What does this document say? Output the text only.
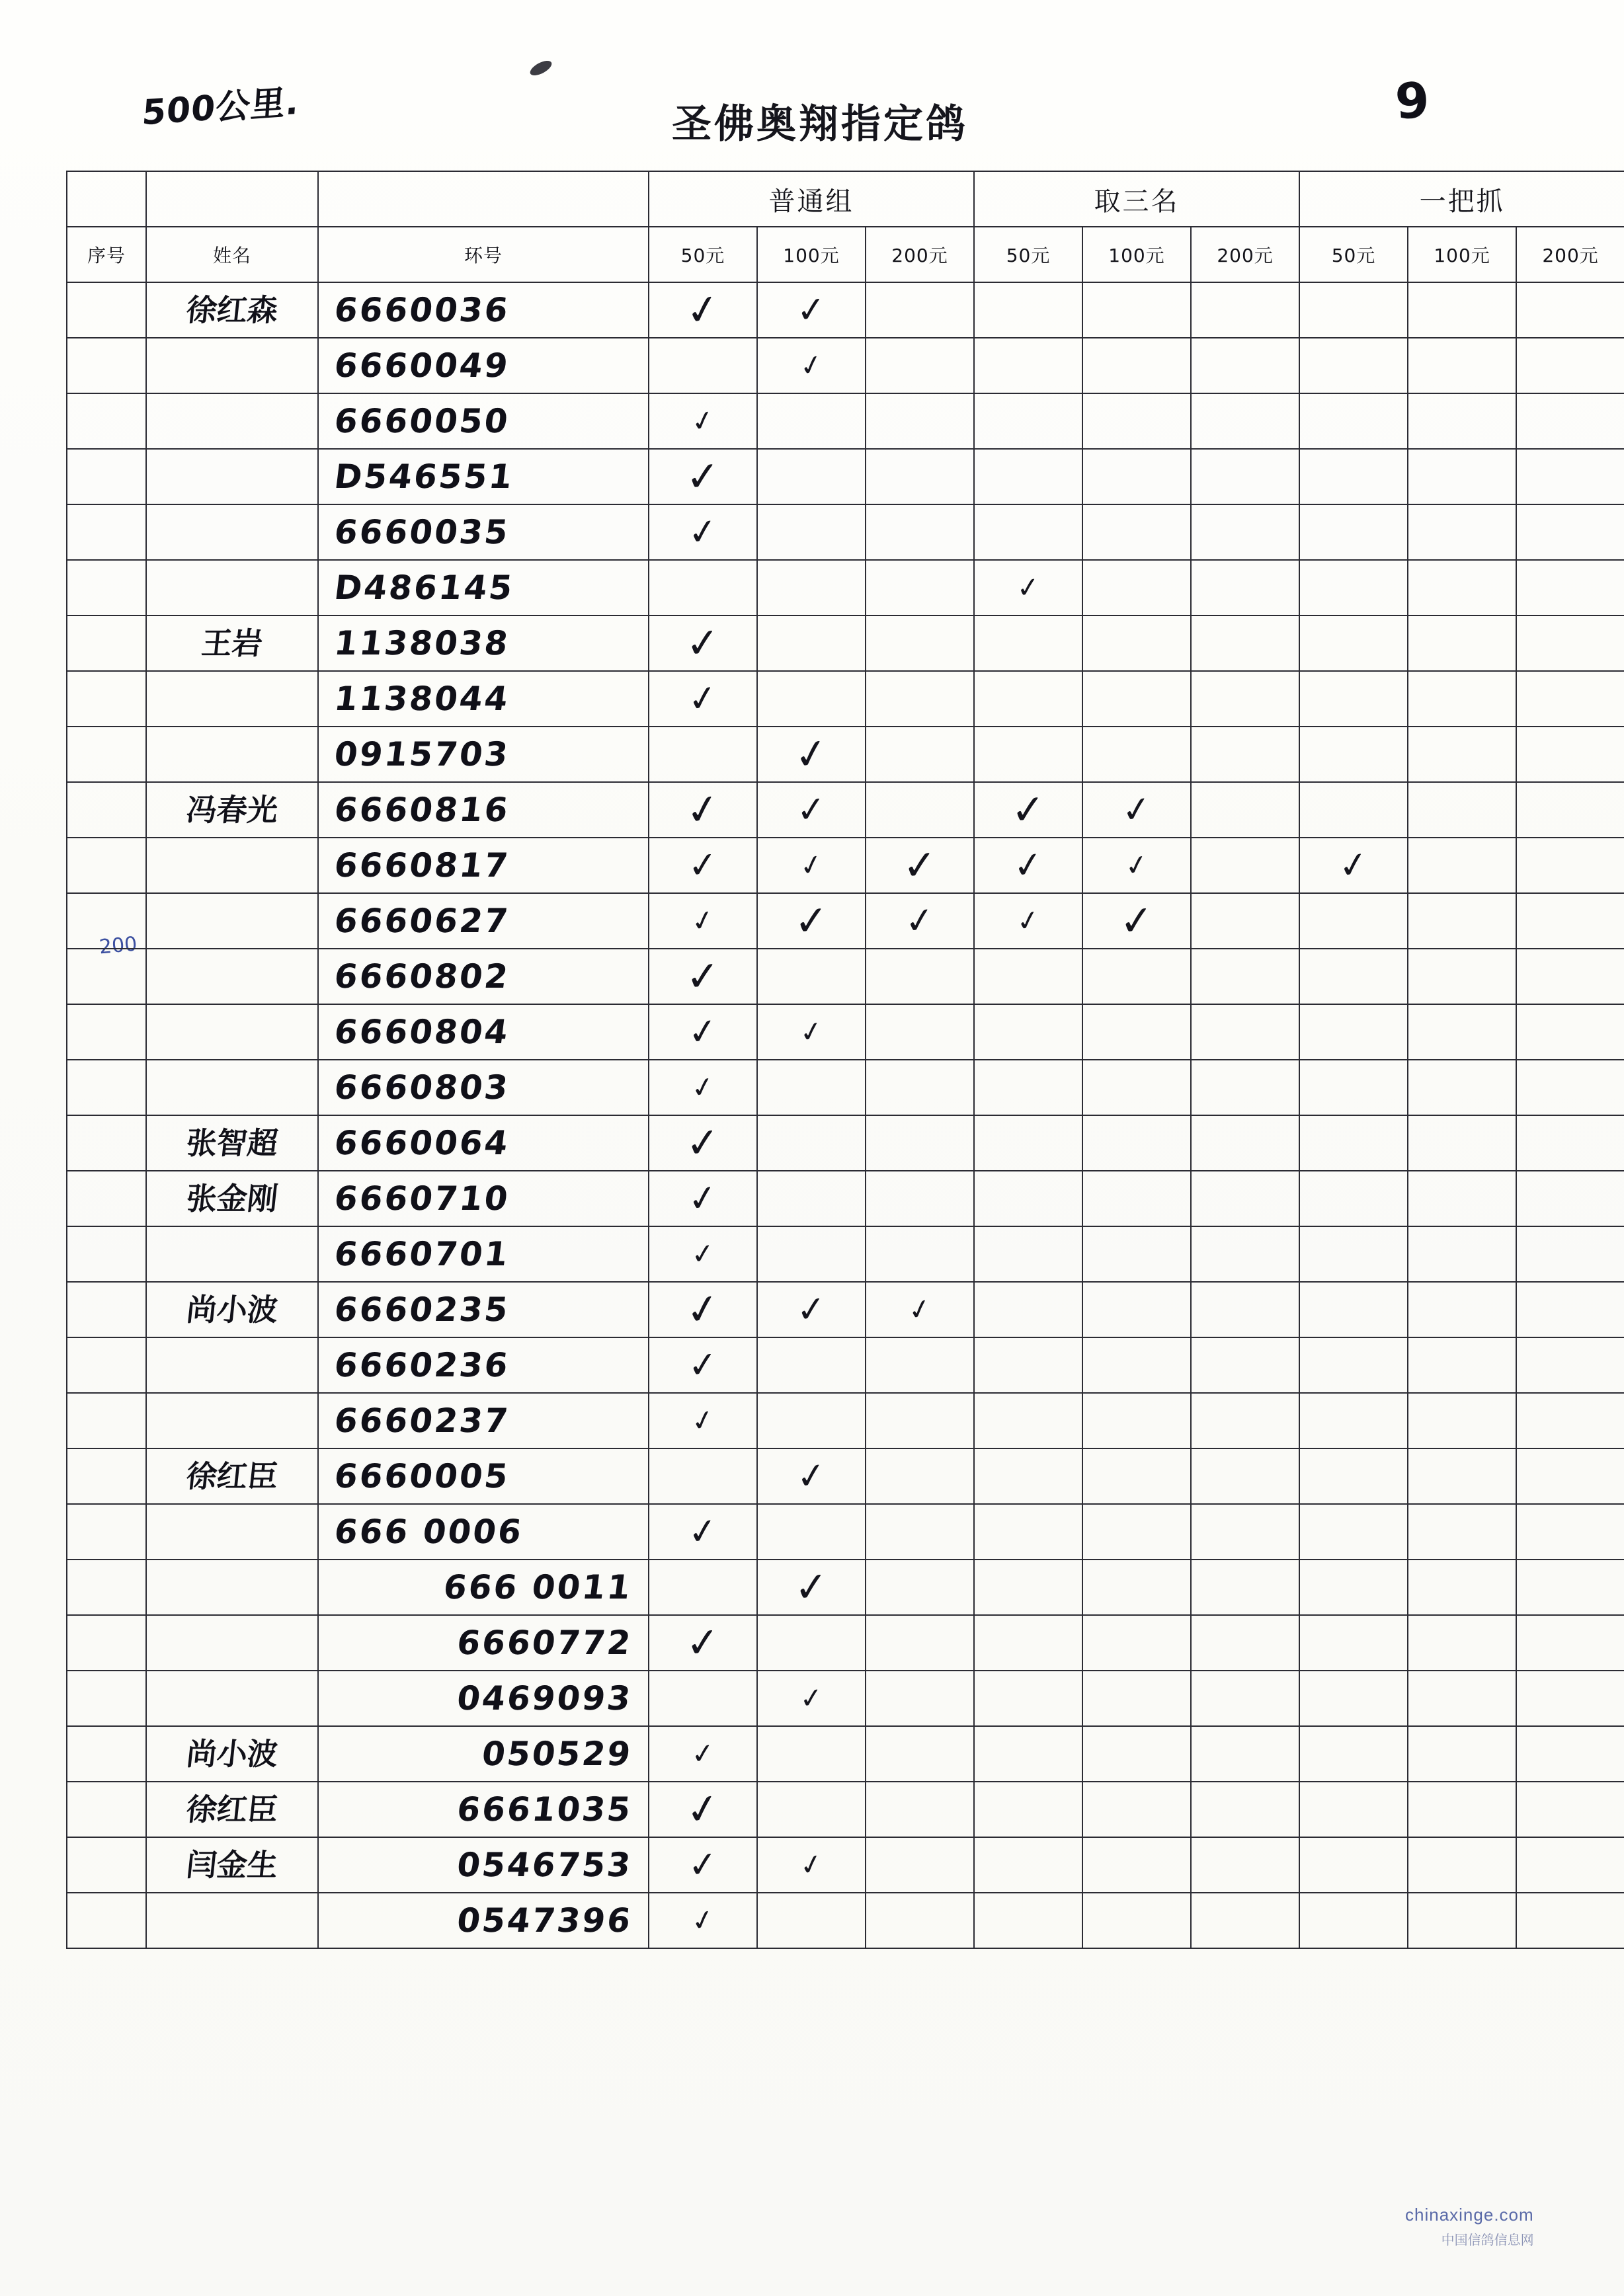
500公里.	圣佛奥翔指定鸽	9
200
			普通组			取三名			一把抓		
序号	姓名	环号	50元	100元	200元	50元	100元	200元	50元	100元	200元

	徐红森	6660036	✓	✓							

		6660049		✓							

		6660050	✓								

		D546551	✓								

		6660035	✓								

		D486145				✓					

	王岩	1138038	✓								

		1138044	✓								

		0915703		✓							

	冯春光	6660816	✓	✓		✓	✓				

		6660817	✓	✓	✓	✓	✓		✓		

		6660627	✓	✓	✓	✓	✓				

		6660802	✓								

		6660804	✓	✓							

		6660803	✓								

	张智超	6660064	✓								

	张金刚	6660710	✓								

		6660701	✓								

	尚小波	6660235	✓	✓	✓						

		6660236	✓								

		6660237	✓								

	徐红臣	6660005		✓							

		666 0006	✓								

		666 0011		✓							

		6660772	✓								

		0469093		✓							

	尚小波	050529	✓								

	徐红臣	6661035	✓								

	闫金生	0546753	✓	✓							

		0547396	✓								

chinaxinge.com
中国信鸽信息网
